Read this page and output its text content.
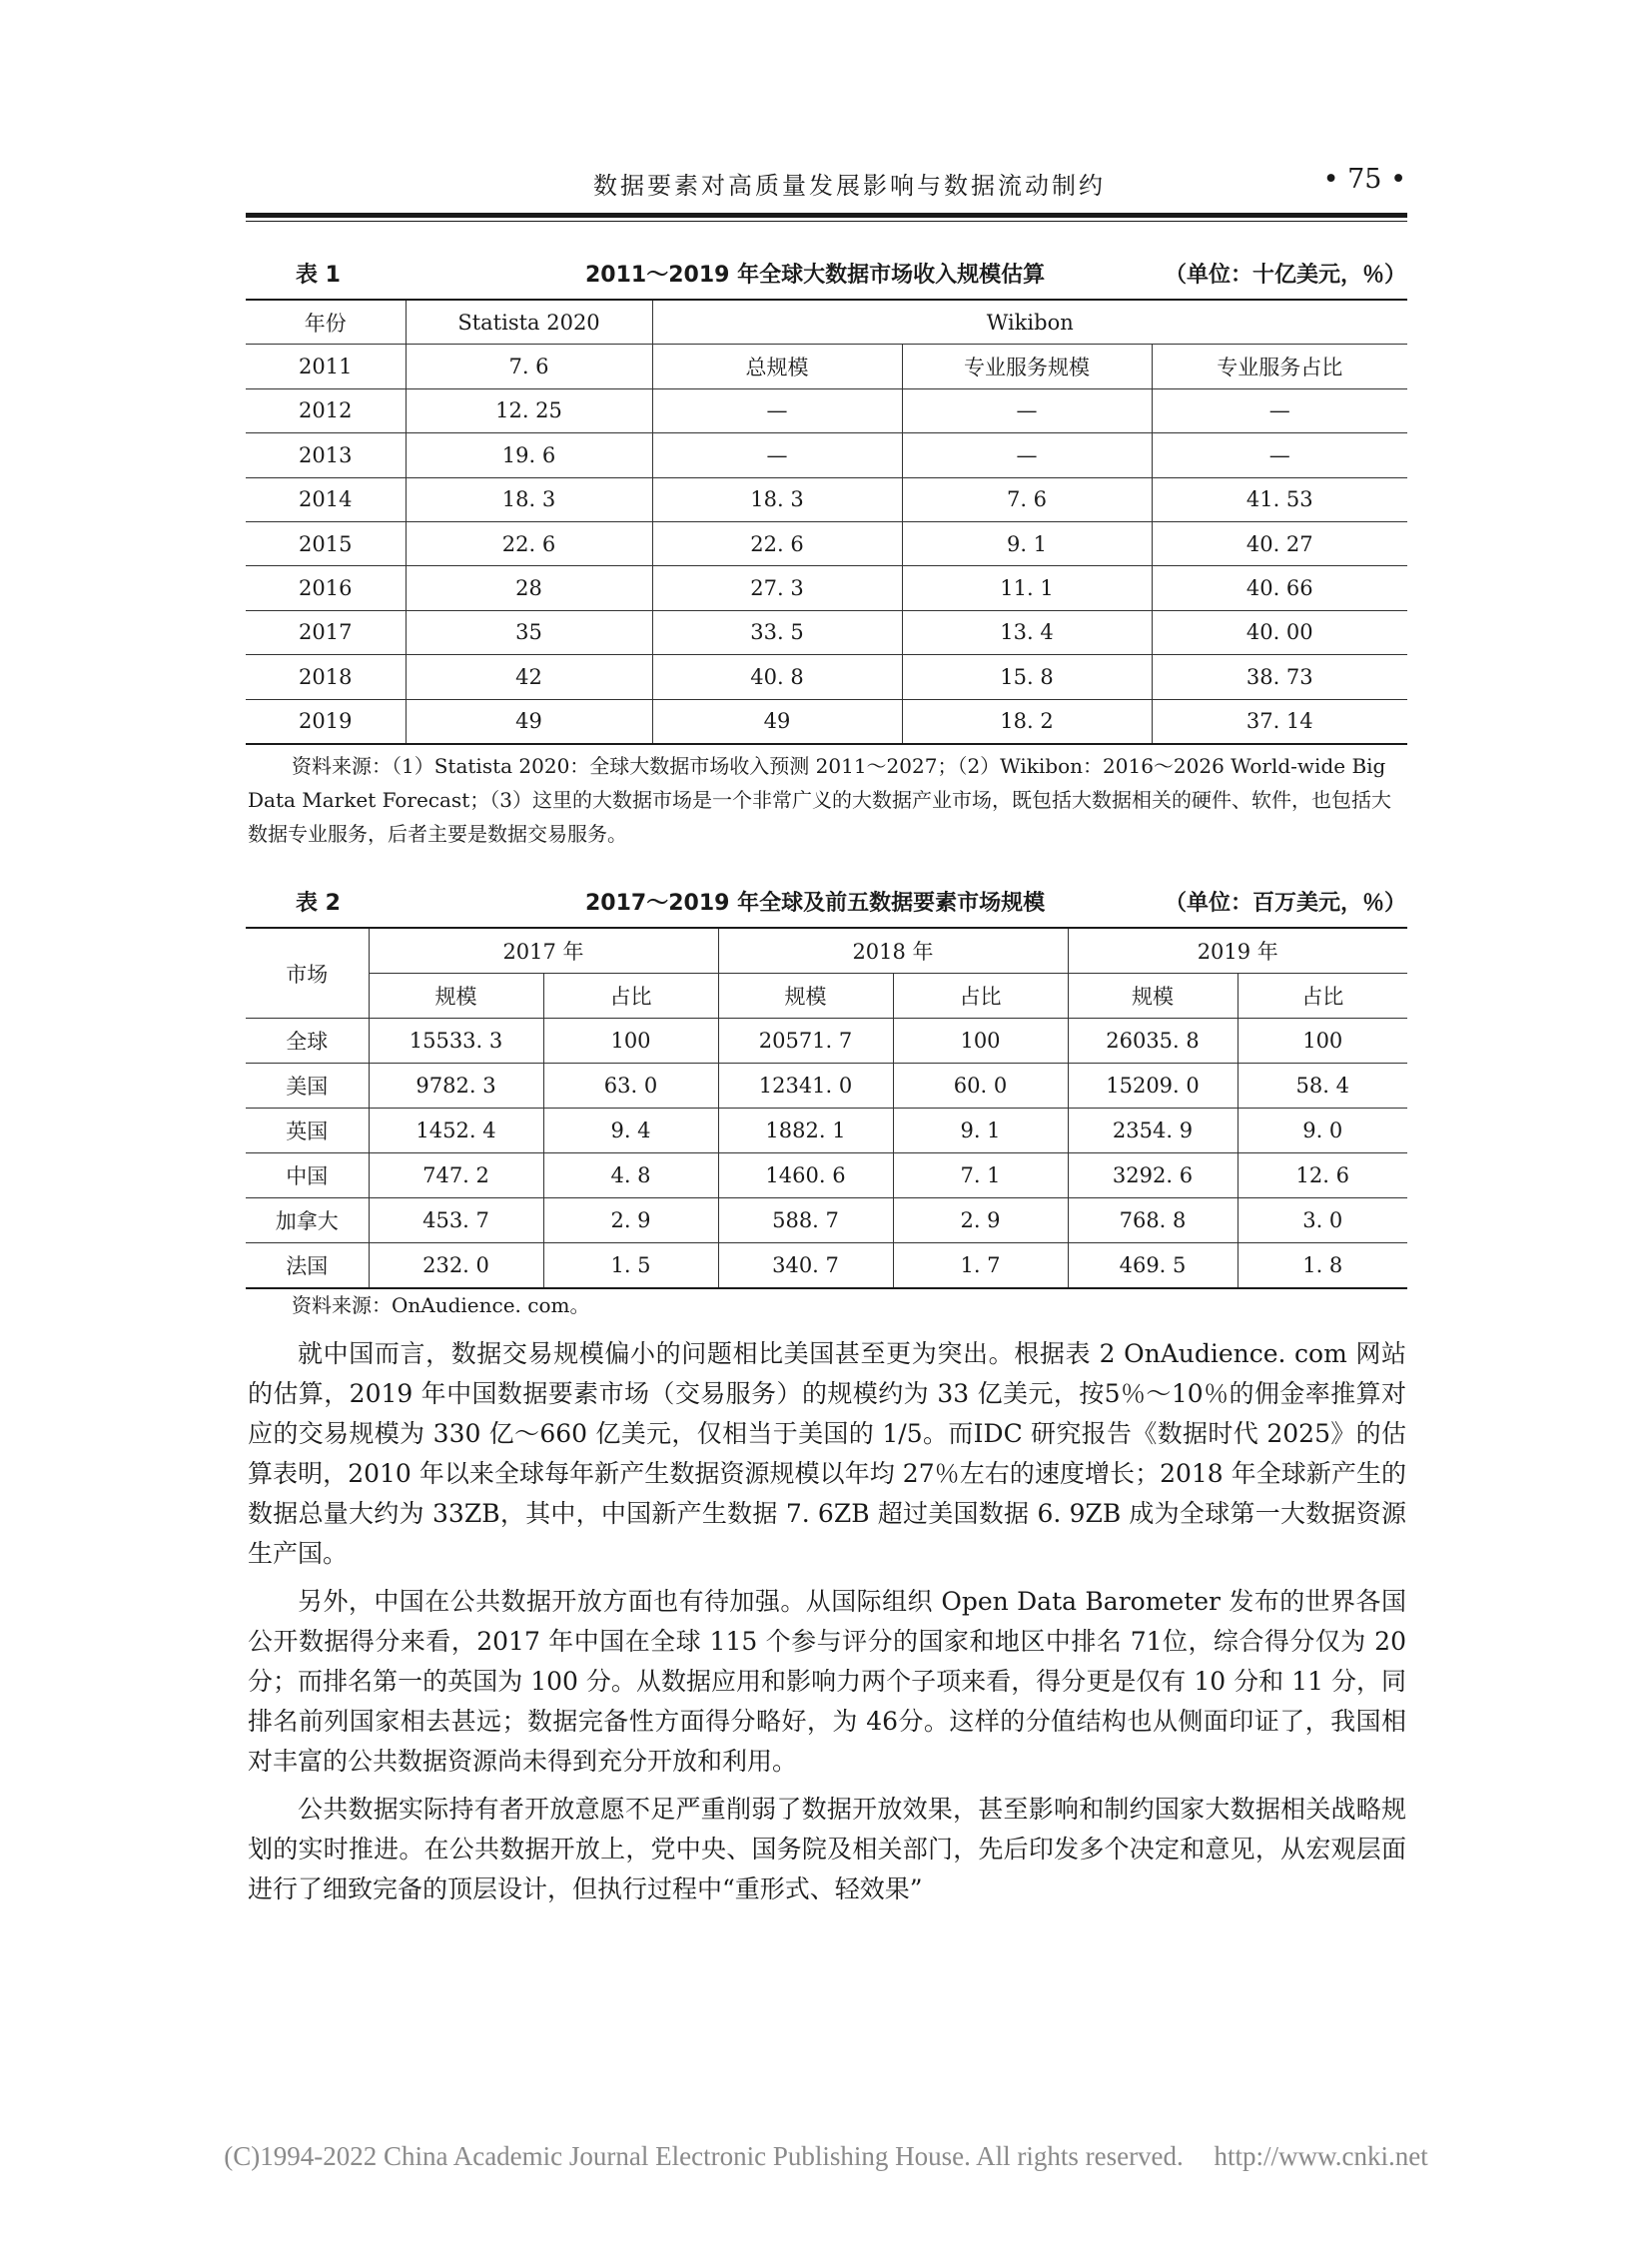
数据要素对高质量发展影响与数据流动制约	• 75 •
表 1	2011～2019 年全球大数据市场收入规模估算	（单位：十亿美元，％）
年份	Statista 2020	Wikibon		
2011	7. 6	总规模	专业服务规模	专业服务占比
2012	12. 25	—	—	—
2013	19. 6	—	—	—
2014	18. 3	18. 3	7. 6	41. 53
2015	22. 6	22. 6	9. 1	40. 27
2016	28	27. 3	11. 1	40. 66
2017	35	33. 5	13. 4	40. 00
2018	42	40. 8	15. 8	38. 73
2019	49	49	18. 2	37. 14
资料来源：（1）Statista 2020：全球大数据市场收入预测 2011～2027；（2）Wikibon：2016～2026 World-wide Big Data Market Forecast；（3）这里的大数据市场是一个非常广义的大数据产业市场，既包括大数据相关的硬件、软件，也包括大数据专业服务，后者主要是数据交易服务。
表 2	2017～2019 年全球及前五数据要素市场规模	（单位：百万美元，％）
市场	2017 年		2018 年		2019 年	
	规模	占比	规模	占比	规模	占比
全球	15533. 3	100	20571. 7	100	26035. 8	100
美国	9782. 3	63. 0	12341. 0	60. 0	15209. 0	58. 4
英国	1452. 4	9. 4	1882. 1	9. 1	2354. 9	9. 0
中国	747. 2	4. 8	1460. 6	7. 1	3292. 6	12. 6
加拿大	453. 7	2. 9	588. 7	2. 9	768. 8	3. 0
法国	232. 0	1. 5	340. 7	1. 7	469. 5	1. 8
资料来源：OnAudience. com。

就中国而言，数据交易规模偏小的问题相比美国甚至更为突出。根据表 2 OnAudience. com 网站的估算，2019 年中国数据要素市场（交易服务）的规模约为 33 亿美元，按5％～10％的佣金率推算对应的交易规模为 330 亿～660 亿美元，仅相当于美国的 1/5。而IDC 研究报告《数据时代 2025》的估算表明，2010 年以来全球每年新产生数据资源规模以年均 27％左右的速度增长；2018 年全球新产生的数据总量大约为 33ZB，其中，中国新产生数据 7. 6ZB 超过美国数据 6. 9ZB 成为全球第一大数据资源生产国。

另外，中国在公共数据开放方面也有待加强。从国际组织 Open Data Barometer 发布的世界各国公开数据得分来看，2017 年中国在全球 115 个参与评分的国家和地区中排名 71位，综合得分仅为 20 分；而排名第一的英国为 100 分。从数据应用和影响力两个子项来看，得分更是仅有 10 分和 11 分，同排名前列国家相去甚远；数据完备性方面得分略好，为 46分。这样的分值结构也从侧面印证了，我国相对丰富的公共数据资源尚未得到充分开放和利用。

公共数据实际持有者开放意愿不足严重削弱了数据开放效果，甚至影响和制约国家大数据相关战略规划的实时推进。在公共数据开放上，党中央、国务院及相关部门，先后印发多个决定和意见，从宏观层面进行了细致完备的顶层设计，但执行过程中“重形式、轻效果”

(C)1994-2022 China Academic Journal Electronic Publishing House. All rights reserved. http://www.cnki.net
